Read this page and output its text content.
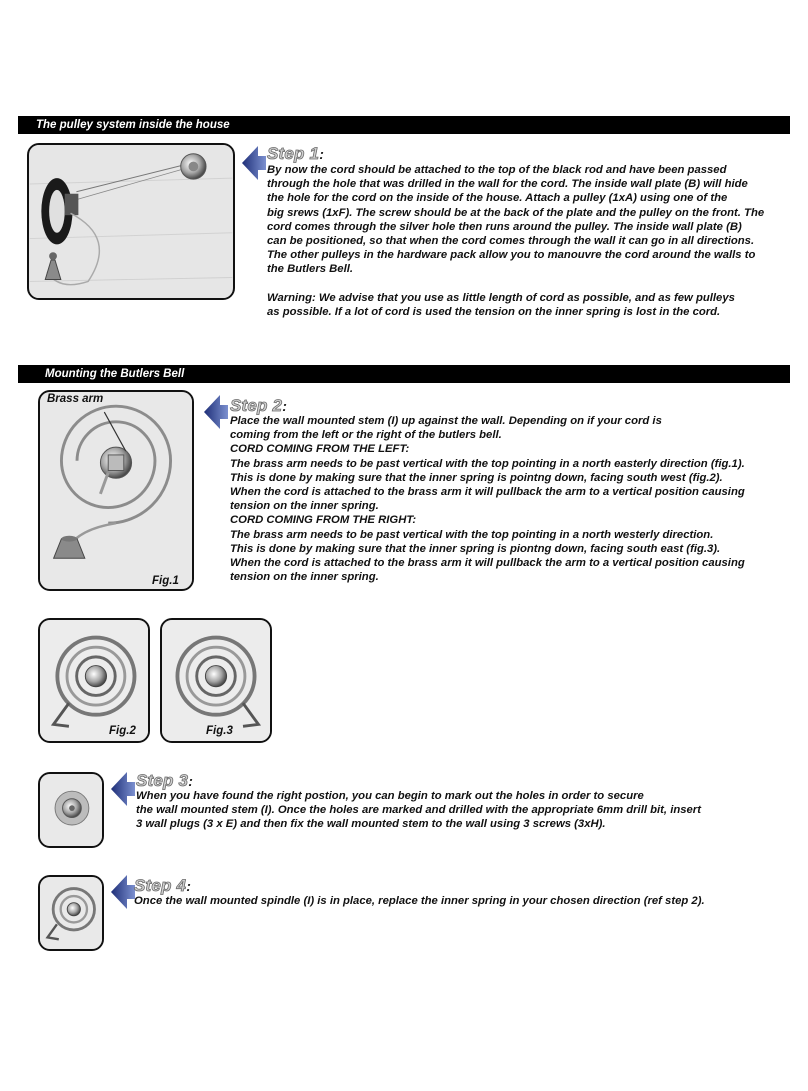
The pulley system inside the house
Step 1:
By now the cord should be attached to the top of the black rod and have been passed
through the hole that was drilled in the wall for the cord. The inside wall plate (B) will hide
the hole for the cord on the inside of the house. Attach a pulley (1xA) using one of the
big srews (1xF). The screw should be at the back of the plate and the pulley on the front. The
cord comes through the silver hole then runs around the pulley. The inside wall plate (B)
can be positioned, so that when the cord comes through the wall it can go in all directions.
The other pulleys in the hardware pack allow you to manouvre the cord around the walls to
the Butlers Bell.
Warning: We advise that you use as little length of cord as possible, and as few pulleys
as possible. If a lot of cord is used the tension on the inner spring is lost in the cord.
Mounting the Butlers Bell
Brass arm
Fig.1
Step 2:
Place the wall mounted stem (I) up against the wall. Depending on if your cord is
coming from the left or the right of the butlers bell.
CORD COMING FROM THE LEFT:
The brass arm needs to be past vertical with the top pointing in a north easterly direction (fig.1).
This is done by making sure that the inner spring is pointng down, facing south west (fig.2).
When the cord is attached to the brass arm it will pullback the arm to a vertical position causing
tension on the inner spring.
CORD COMING FROM THE RIGHT:
The brass arm needs to be past vertical with the top pointing in a north westerly direction.
This is done by making sure that the inner spring is piontng down, facing south east (fig.3).
When the cord is attached to the brass arm it will pullback the arm to a vertical position causing
tension on the inner spring.
Fig.2	Fig.3
Step 3:
When you have found the right postion, you can begin to mark out the holes in order to secure
the wall mounted stem (I). Once the holes are marked and drilled with the appropriate 6mm drill bit, insert
3 wall plugs (3 x E) and then fix the wall mounted stem to the wall using 3 screws (3xH).
Step 4:
Once the wall mounted spindle (I) is in place, replace the inner spring in your chosen direction (ref step 2).
